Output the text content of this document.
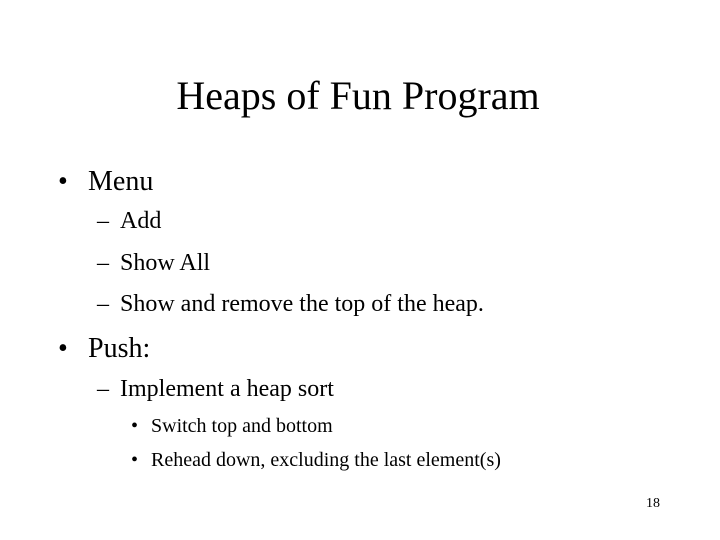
Heaps of Fun Program
• Menu
– Add
– Show All
– Show and remove the top of the heap.
• Push:
– Implement a heap sort
• Switch top and bottom
• Rehead down, excluding the last element(s)
18
